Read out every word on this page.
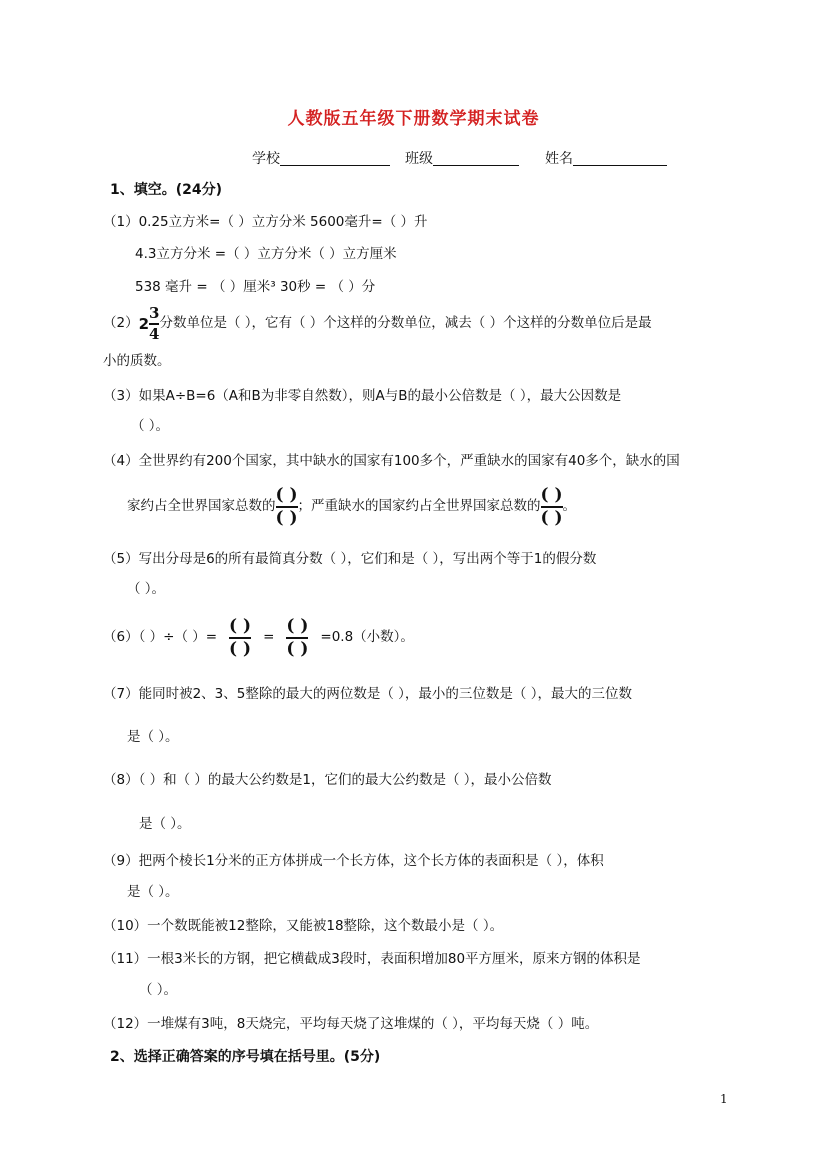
人教版五年级下册数学期末试卷
学校	班级	姓名
1、填空。(24分)
（1）0.25立方米=（ ）立方分米 5600毫升=（ ）升
4.3立方分米 =（ ）立方分米（ ）立方厘米
538 毫升 = （ ）厘米³ 30秒 = （ ）分
（2） $2 \frac{3}{4}$ 分数单位是（ ），它有（ ）个这样的分数单位，减去（ ）个这样的分数单位后是最
小的质数。
（3）如果A÷B=6（A和B为非零自然数），则A与B的最小公倍数是（ ），最大公因数是
（ ）。
（4）全世界约有200个国家，其中缺水的国家有100多个，严重缺水的国家有40多个，缺水的国
家约占全世界国家总数的 $\frac{( )}{( )}$ ；严重缺水的国家约占全世界国家总数的 $\frac{( )}{( )}$ 。
（5）写出分母是6的所有最简真分数（ ），它们和是（ ），写出两个等于1的假分数
（ ）。
（6）（ ）÷（ ）= $\frac{( )}{( )} = \frac{( )}{( )} =0.8$（小数）。
（7）能同时被2、3、5整除的最大的两位数是（ ），最小的三位数是（ ），最大的三位数
是（ ）。
（8）（ ）和（ ）的最大公约数是1，它们的最大公约数是（ ），最小公倍数
是（ ）。
（9）把两个棱长1分米的正方体拼成一个长方体，这个长方体的表面积是（ ），体积
是（ ）。
（10）一个数既能被12整除，又能被18整除，这个数最小是（ ）。
（11）一根3米长的方钢，把它横截成3段时，表面积增加80平方厘米，原来方钢的体积是
（ ）。
（12）一堆煤有3吨，8天烧完，平均每天烧了这堆煤的（ ），平均每天烧（ ）吨。
2、选择正确答案的序号填在括号里。(5分)
1
